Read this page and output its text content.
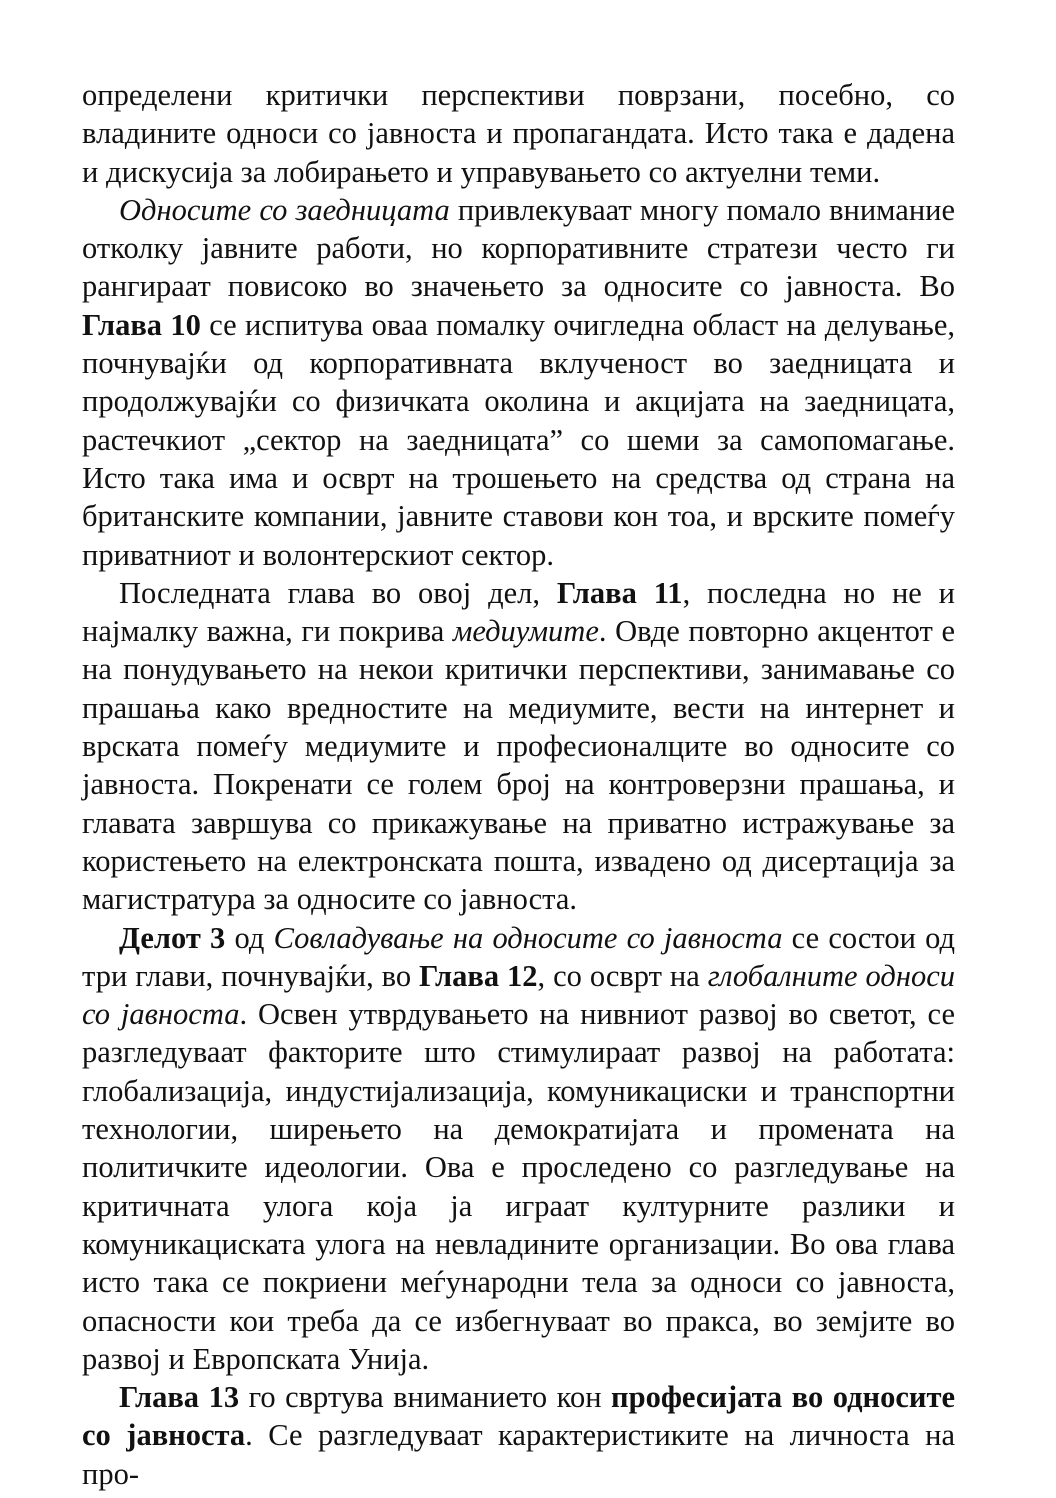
определени критички перспективи поврзани, посебно, со владините односи со јавноста и пропагандата. Исто така е дадена и дискусија за лобирањето и управувањето со актуелни теми.

Односите со заедницата привлекуваат многу помало внимание отколку јавните работи, но корпоративните стратези често ги рангираат повисоко во значењето за односите со јавноста. Во Глава 10 се испитува оваа помалку очигледна област на делување, почнувајќи од корпоративната вклученост во заедницата и продолжувајќи со физичката околина и акцијата на заедницата, растечкиот „сектор на заедницата” со шеми за самопомагање. Исто така има и осврт на трошењето на средства од страна на британските компании, јавните ставови кон тоа, и врските помеѓу приватниот и волонтерскиот сектор.

Последната глава во овој дел, Глава 11, последна но не и најмалку важна, ги покрива медиумите. Овде повторно акцентот е на понудувањето на некои критички перспективи, занимавање со прашања како вредностите на медиумите, вести на интернет и врската помеѓу медиумите и професионалците во односите со јавноста. Покренати се голем број на контроверзни прашања, и главата завршува со прикажување на приватно истражување за користењето на електронската пошта, извадено од дисертација за магистратура за односите со јавноста.

Делот 3 од Совладување на односите со јавноста се состои од три глави, почнувајќи, во Глава 12, со осврт на глобалните односи со јавноста. Освен утврдувањето на нивниот развој во светот, се разгледуваат факторите што стимулираат развој на работата: глобализација, индустијализација, комуникациски и транспортни технологии, ширењето на демократијата и промената на политичките идеологии. Ова е проследено со разгледување на критичната улога која ја играат културните разлики и комуникациската улога на невладините организации. Во ова глава исто така се покриени меѓународни тела за односи со јавноста, опасности кои треба да се избегнуваат во пракса, во земјите во развој и Европската Унија.

Глава 13 го свртува вниманието кон професијата во односите со јавноста. Се разгледуваат карактеристиките на личноста на про-
